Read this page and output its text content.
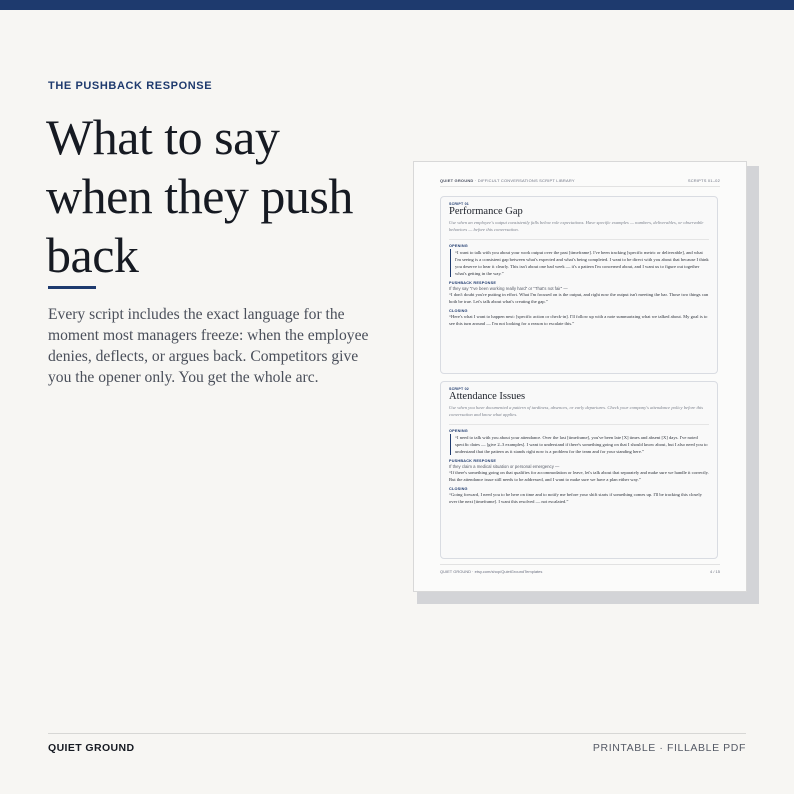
THE PUSHBACK RESPONSE
What to say
when they push
back

Every script includes the exact language for the moment most managers freeze: when the employee denies, deflects, or argues back. Competitors give you the opener only. You get the whole arc.

QUIET GROUND · DIFFICULT CONVERSATIONS SCRIPT LIBRARY	SCRIPTS 01–02
SCRIPT 01
Performance Gap
Use when an employee's output consistently falls below role expectations. Have specific examples — numbers, deliverables, or observable behaviors — before this conversation.
OPENING
“I want to talk with you about your work output over the past [timeframe]. I've been tracking [specific metric or deliverable], and what I'm seeing is a consistent gap between what's expected and what's being completed. I want to be direct with you about that because I think you deserve to hear it clearly. This isn't about one bad week — it's a pattern I'm concerned about, and I want us to figure out together what's getting in the way.”
PUSHBACK RESPONSE
If they say “I've been working really hard” or “That's not fair” —
“I don't doubt you're putting in effort. What I'm focused on is the output, and right now the output isn't meeting the bar. Those two things can both be true. Let's talk about what's creating the gap.”
CLOSING
“Here's what I want to happen next: [specific action or check-in]. I'll follow up with a note summarizing what we talked about. My goal is to see this turn around — I'm not looking for a reason to escalate this.”
SCRIPT 02
Attendance Issues
Use when you have documented a pattern of tardiness, absences, or early departures. Check your company's attendance policy before this conversation and know what applies.
OPENING
“I need to talk with you about your attendance. Over the last [timeframe], you've been late [X] times and absent [X] days. I've noted specific dates — [give 2–3 examples]. I want to understand if there's something going on that I should know about, but I also need you to understand that the pattern as it stands right now is a problem for the team and for your standing here.”
PUSHBACK RESPONSE
If they claim a medical situation or personal emergency —
“If there's something going on that qualifies for accommodation or leave, let's talk about that separately and make sure we handle it correctly. But the attendance issue still needs to be addressed, and I want to make sure we have a plan either way.”
CLOSING
“Going forward, I need you to be here on time and to notify me before your shift starts if something comes up. I'll be tracking this closely over the next [timeframe]. I want this resolved — not escalated.”
QUIET GROUND · etsy.com/shop/QuietGroundTemplates	4 / 15
QUIET GROUND	PRINTABLE · FILLABLE PDF
